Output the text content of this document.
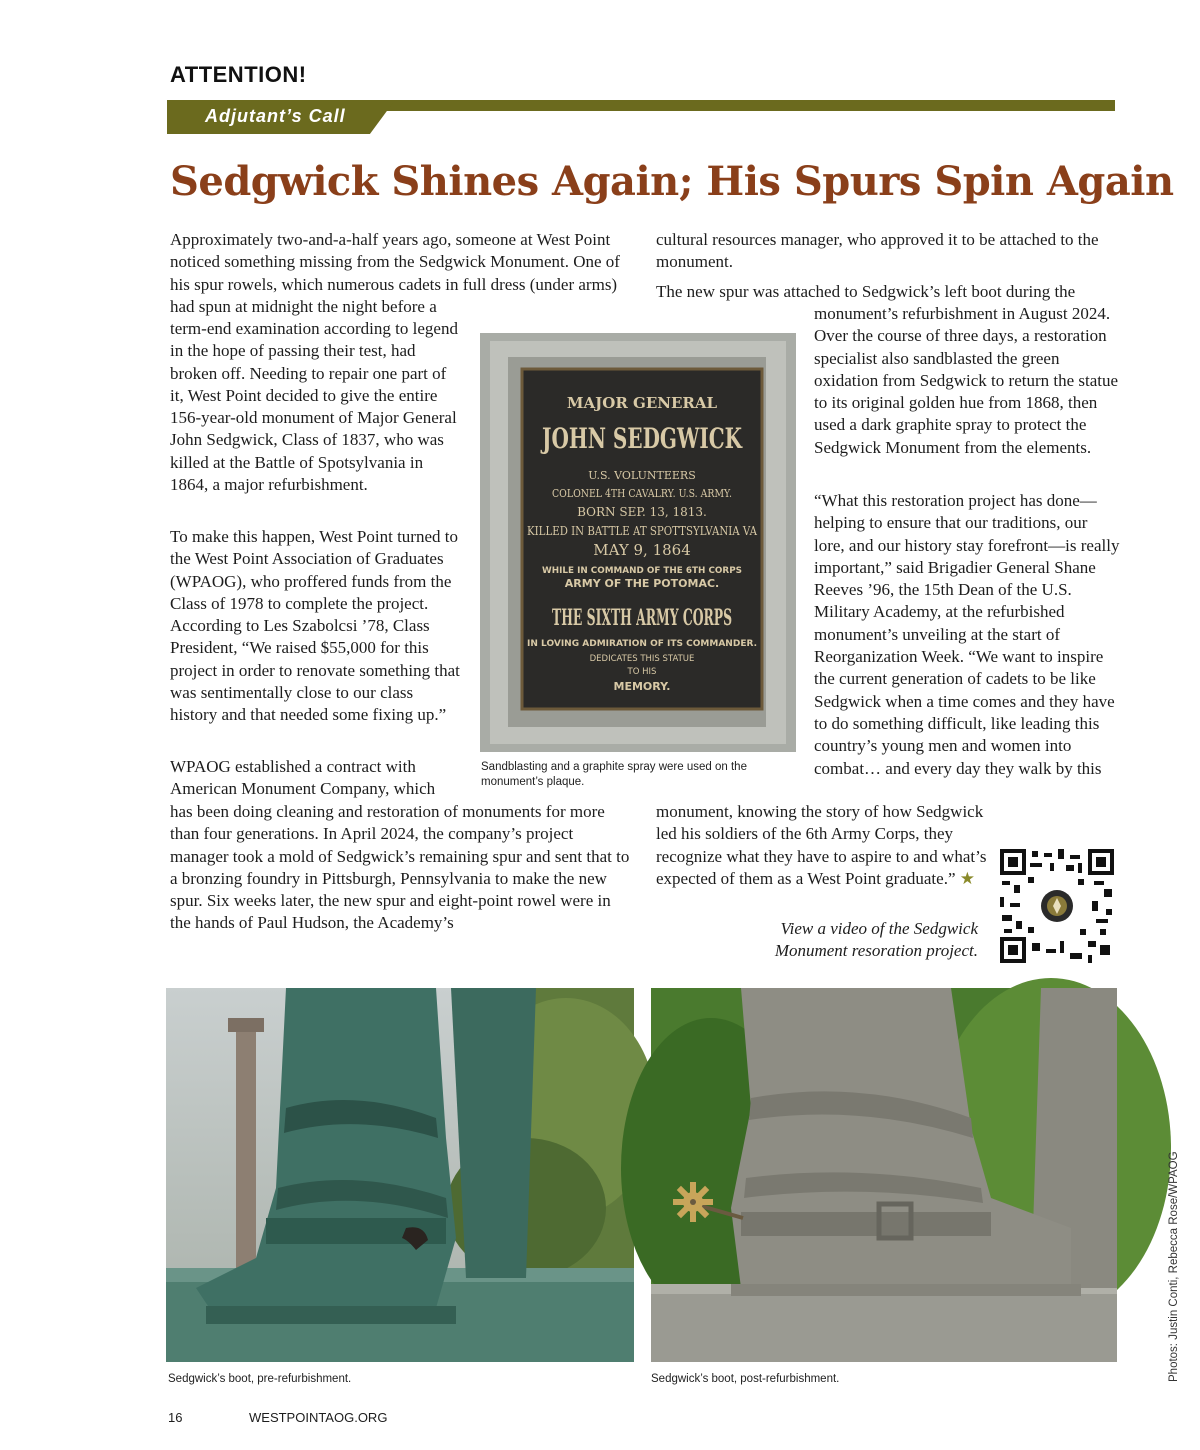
ATTENTION!
Adjutant’s Call
Sedgwick Shines Again; His Spurs Spin Again
Approximately two-and-a-half years ago, someone at West Point noticed something missing from the Sedgwick Monument. One of his spur rowels, which numerous cadets in full dress (under arms) had spun at midnight the night before a
term-end examination according to legend in the hope of passing their test, had broken off. Needing to repair one part of it, West Point decided to give the entire 156-year-old monument of Major General John Sedgwick, Class of 1837, who was killed at the Battle of Spotsylvania in 1864, a major refurbishment.
To make this happen, West Point turned to the West Point Association of Graduates (WPAOG), who proffered funds from the Class of 1978 to complete the project. According to Les Szabolcsi ’78, Class President, “We raised $55,000 for this project in order to renovate something that was sentimentally close to our class history and that needed some fixing up.”
WPAOG established a contract with American Monument Company, which
has been doing cleaning and restoration of monuments for more than four generations. In April 2024, the company’s project manager took a mold of Sedgwick’s remaining spur and sent that to a bronzing foundry in Pittsburgh, Pennsylvania to make the new spur. Six weeks later, the new spur and eight-point rowel were in the hands of Paul Hudson, the Academy’s
cultural resources manager, who approved it to be attached to the monument.
The new spur was attached to Sedgwick’s left boot during the
monument’s refurbishment in August 2024. Over the course of three days, a restoration specialist also sandblasted the green oxidation from Sedgwick to return the statue to its original golden hue from 1868, then used a dark graphite spray to protect the Sedgwick Monument from the elements.
“What this restoration project has done—helping to ensure that our traditions, our lore, and our history stay forefront—is really important,” said Brigadier General Shane Reeves ’96, the 15th Dean of the U.S. Military Academy, at the refurbished monument’s unveiling at the start of Reorganization Week. “We want to inspire the current generation of cadets to be like Sedgwick when a time comes and they have to do something difficult, like leading this country’s young men and women into combat… and every day they walk by this
monument, knowing the story of how Sedgwick led his soldiers of the 6th Army Corps, they recognize what they have to aspire to and what’s expected of them as a West Point graduate.” ★
MAJOR GENERAL
JOHN SEDGWICK
U.S. VOLUNTEERS
COLONEL 4TH CAVALRY. U.S. ARMY.
BORN SEP. 13, 1813.
KILLED IN BATTLE AT SPOTTSYLVANIA VA
MAY 9, 1864
WHILE IN COMMAND OF THE 6TH CORPS
ARMY OF THE POTOMAC.
THE SIXTH ARMY CORPS
IN LOVING ADMIRATION OF ITS COMMANDER.
DEDICATES THIS STATUE
TO HIS
MEMORY.
Sandblasting and a graphite spray were used on the monument’s plaque.
View a video of the Sedgwick Monument resoration project.
Sedgwick’s boot, pre-refurbishment.	Sedgwick’s boot, post-refurbishment.
16	WESTPOINTAOG.ORG
Photos: Justin Conti, Rebecca Rose/WPAOG
